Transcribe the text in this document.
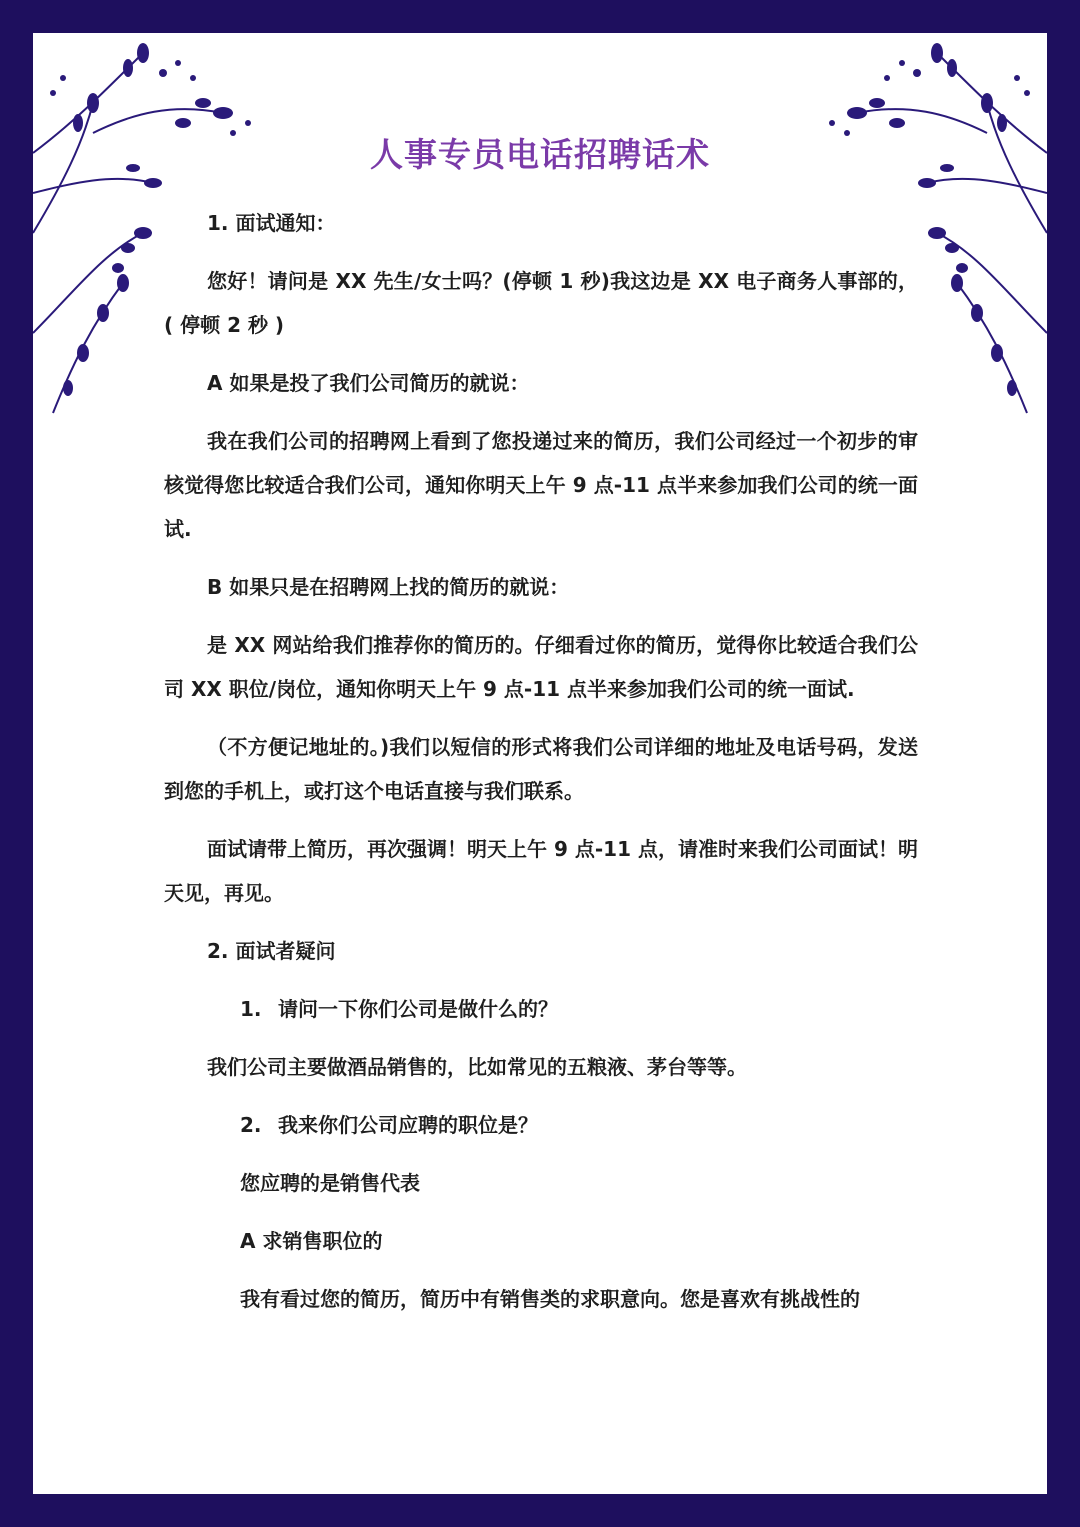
人事专员电话招聘话术

1. 面试通知：

您好！请问是 XX 先生/女士吗？(停顿 1 秒)我这边是 XX 电子商务人事部的，( 停顿 2 秒 )

A 如果是投了我们公司简历的就说：

我在我们公司的招聘网上看到了您投递过来的简历，我们公司经过一个初步的审核觉得您比较适合我们公司，通知你明天上午 9 点-11 点半来参加我们公司的统一面试.

B 如果只是在招聘网上找的简历的就说：

是 XX 网站给我们推荐你的简历的。仔细看过你的简历，觉得你比较适合我们公司 XX 职位/岗位，通知你明天上午 9 点-11 点半来参加我们公司的统一面试.

（不方便记地址的。)我们以短信的形式将我们公司详细的地址及电话号码，发送到您的手机上，或打这个电话直接与我们联系。

面试请带上简历，再次强调！明天上午 9 点-11 点，请准时来我们公司面试！明天见，再见。

2. 面试者疑问

1. 请问一下你们公司是做什么的？

我们公司主要做酒品销售的，比如常见的五粮液、茅台等等。

2. 我来你们公司应聘的职位是？

您应聘的是销售代表

A 求销售职位的

我有看过您的简历，简历中有销售类的求职意向。您是喜欢有挑战性的
